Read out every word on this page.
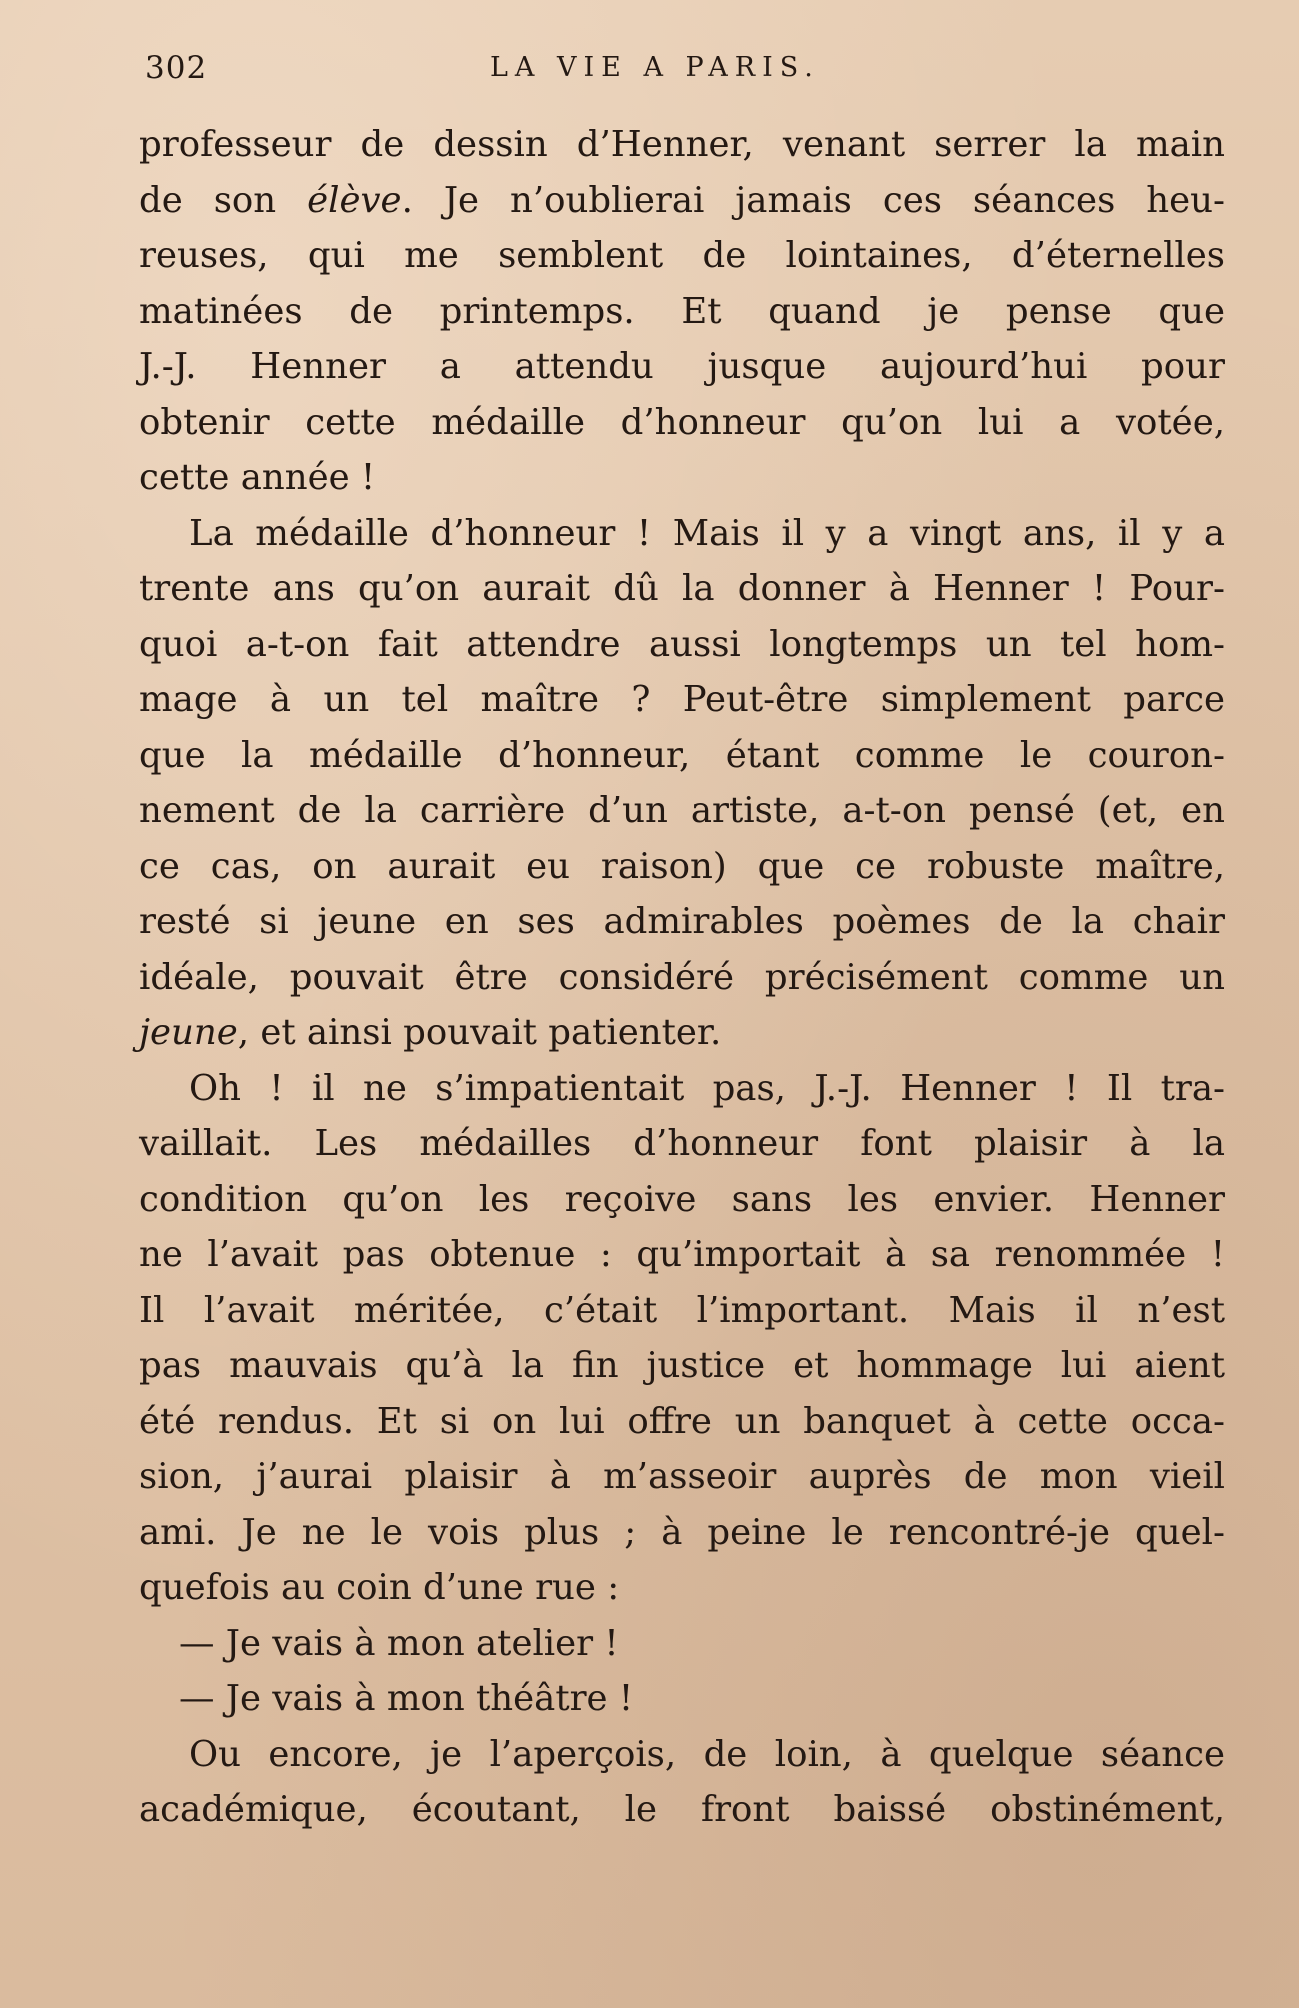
302	LA VIE A PARIS.
professeur de dessin d’Henner, venant serrer la main
de son élève. Je n’oublierai jamais ces séances heu-
reuses, qui me semblent de lointaines, d’éternelles
matinées de printemps. Et quand je pense que
J.-J. Henner a attendu jusque aujourd’hui pour
obtenir cette médaille d’honneur qu’on lui a votée,
cette année !
La médaille d’honneur ! Mais il y a vingt ans, il y a
trente ans qu’on aurait dû la donner à Henner ! Pour-
quoi a-t-on fait attendre aussi longtemps un tel hom-
mage à un tel maître ? Peut-être simplement parce
que la médaille d’honneur, étant comme le couron-
nement de la carrière d’un artiste, a-t-on pensé (et, en
ce cas, on aurait eu raison) que ce robuste maître,
resté si jeune en ses admirables poèmes de la chair
idéale, pouvait être considéré précisément comme un
jeune, et ainsi pouvait patienter.
Oh ! il ne s’impatientait pas, J.-J. Henner ! Il tra-
vaillait. Les médailles d’honneur font plaisir à la
condition qu’on les reçoive sans les envier. Henner
ne l’avait pas obtenue : qu’importait à sa renommée !
Il l’avait méritée, c’était l’important. Mais il n’est
pas mauvais qu’à la fin justice et hommage lui aient
été rendus. Et si on lui offre un banquet à cette occa-
sion, j’aurai plaisir à m’asseoir auprès de mon vieil
ami. Je ne le vois plus ; à peine le rencontré-je quel-
quefois au coin d’une rue :
— Je vais à mon atelier !
— Je vais à mon théâtre !
Ou encore, je l’aperçois, de loin, à quelque séance
académique, écoutant, le front baissé obstinément,
